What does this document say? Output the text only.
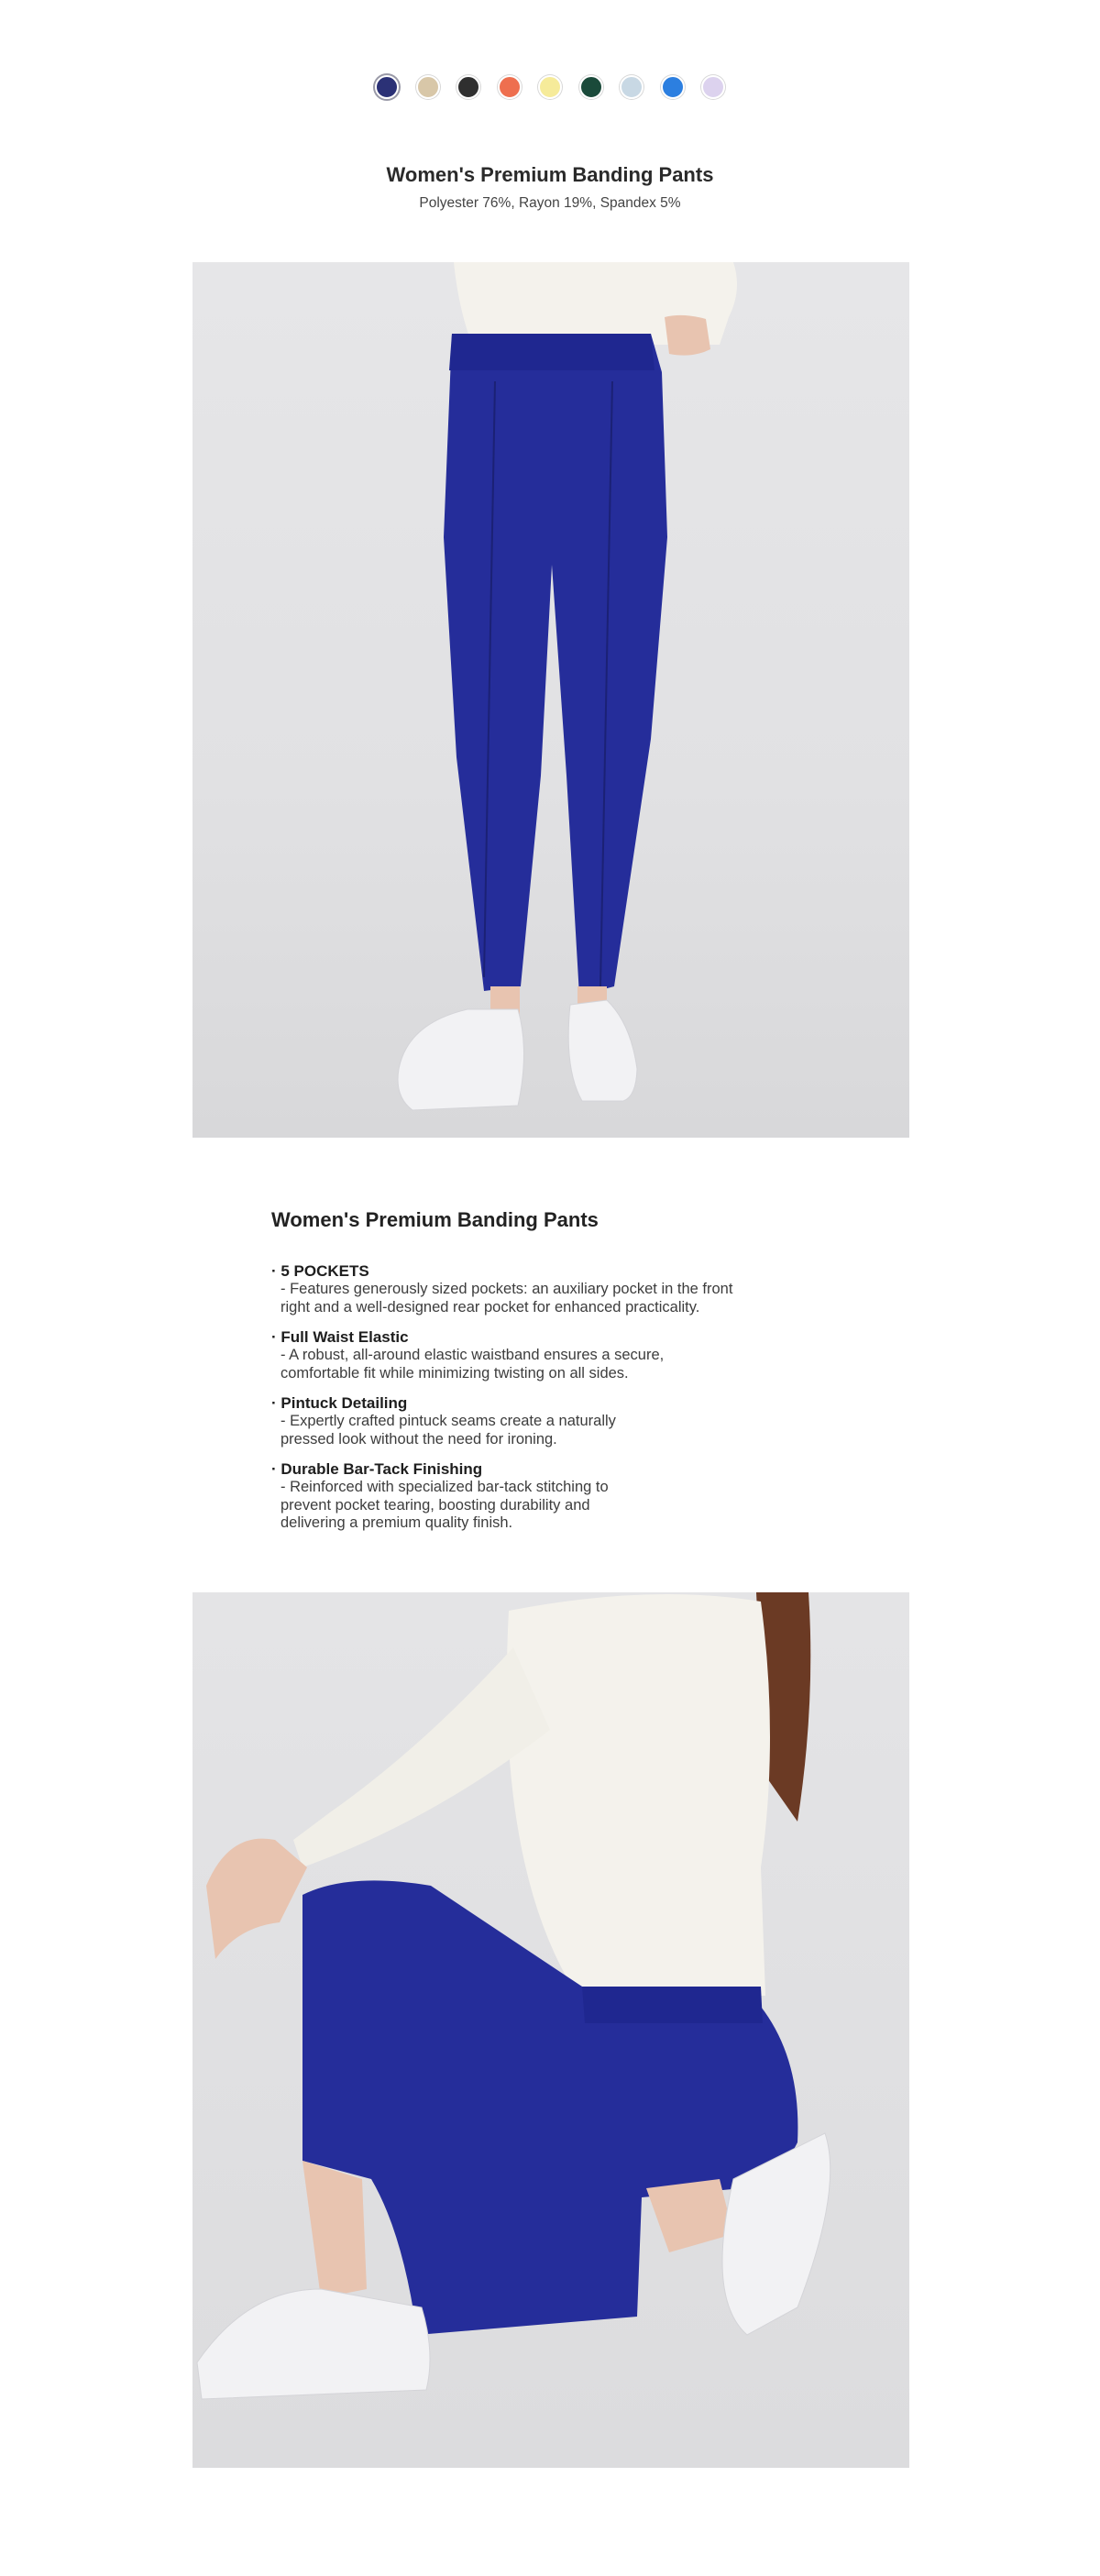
Women's Premium Banding Pants
Polyester 76%, Rayon 19%, Spandex 5%
Women's Premium Banding Pants
· 5 POCKETS
- Features generously sized pockets: an auxiliary pocket in the front
right and a well-designed rear pocket for enhanced practicality.
· Full Waist Elastic
- A robust, all-around elastic waistband ensures a secure,
comfortable fit while minimizing twisting on all sides.
· Pintuck Detailing
- Expertly crafted pintuck seams create a naturally
pressed look without the need for ironing.
· Durable Bar-Tack Finishing
- Reinforced with specialized bar-tack stitching to
prevent pocket tearing, boosting durability and
delivering a premium quality finish.
